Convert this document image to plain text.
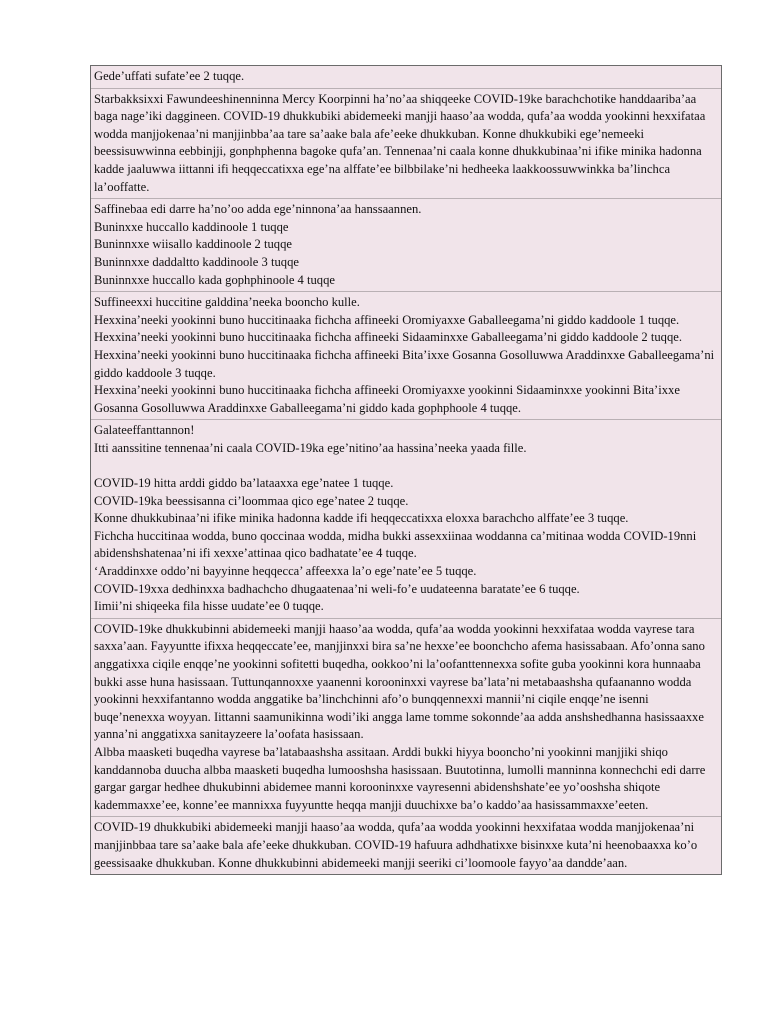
Gede’uffati sufate’ee 2 tuqqe.
Starbakksixxi Fawundeeshinenninna Mercy Koorpinni ha’no’aa shiqqeeke COVID-19ke barachchotike handdaariba’aa baga nage’iki daggineen. COVID-19 dhukkubiki abidemeeki manjji haaso’aa wodda, qufa’aa wodda yookinni hexxifataa wodda manjjokenaa’ni manjjinbba’aa tare sa’aake bala afe’eeke dhukkuban. Konne dhukkubiki ege’nemeeki beessisuwwinna eebbinjji, gonphphenna bagoke qufa’an. Tennenaa’ni caala konne dhukkubinaa’ni ifike minika hadonna kadde jaaluwwa iittanni ifi heqqeccatixxa ege’na alffate’ee bilbbilake’ni hedheeka laakkoossuwwinkka ba’linchca la’ooffatte.
Saffinebaa edi darre ha’no’oo adda ege’ninnona’aa hanssaannen.
Buninxxe huccallo kaddinoole 1 tuqqe
Buninnxxe wiisallo kaddinoole 2 tuqqe
Buninnxxe daddaltto kaddinoole 3 tuqqe
Buninnxxe huccallo kada gophphinoole 4 tuqqe
Suffineexxi huccitine galddina’neeka booncho kulle.
Hexxina’neeki yookinni buno huccitinaaka fichcha affineeki Oromiyaxxe Gaballeegama’ni giddo kaddoole 1 tuqqe.
Hexxina’neeki yookinni buno huccitinaaka fichcha affineeki Sidaaminxxe Gaballeegama’ni giddo kaddoole 2 tuqqe.
Hexxina’neeki yookinni buno huccitinaaka fichcha affineeki Bita’ixxe Gosanna Gosolluwwa Araddinxxe Gaballeegama’ni giddo kaddoole 3 tuqqe.
Hexxina’neeki yookinni buno huccitinaaka fichcha affineeki Oromiyaxxe yookinni Sidaaminxxe yookinni Bita’ixxe Gosanna Gosolluwwa Araddinxxe Gaballeegama’ni giddo kada gophphoole 4 tuqqe.
Galateeffanttannon!
Itti aanssitine tennenaa’ni caala COVID-19ka ege’nitino’aa hassina’neeka yaada fille.
COVID-19 hitta arddi giddo ba’lataaxxa ege’natee 1 tuqqe.
COVID-19ka beessisanna ci’loommaa qico ege’natee 2 tuqqe.
Konne dhukkubinaa’ni ifike minika hadonna kadde ifi heqqeccatixxa eloxxa barachcho alffate’ee 3 tuqqe.
Fichcha huccitinaa wodda, buno qoccinaa wodda, midha bukki assexxiinaa woddanna ca’mitinaa wodda COVID-19nni abidenshshatenaa’ni ifi xexxe’attinaa qico badhatate’ee 4 tuqqe.
‘Araddinxxe oddo’ni bayyinne heqqecca’ affeexxa la’o ege’nate’ee 5 tuqqe.
COVID-19xxa dedhinxxa badhachcho dhugaatenaa’ni weli-fo’e uudateenna baratate’ee 6 tuqqe.
Iimii’ni shiqeeka fila hisse uudate’ee 0 tuqqe.
COVID-19ke dhukkubinni abidemeeki manjji haaso’aa wodda, qufa’aa wodda yookinni hexxifataa wodda vayrese tara saxxa’aan. Fayyuntte ifixxa heqqeccate’ee, manjjinxxi bira sa’ne hexxe’ee boonchcho afema hasissabaan. Afo’onna sano anggatixxa ciqile enqqe’ne yookinni sofitetti buqedha, ookkoo’ni la’oofanttennexxa sofite guba yookinni kora hunnaaba bukki asse huna hasissaan. Tuttunqannoxxe yaanenni korooninxxi vayrese ba’lata’ni metabaashsha qufaananno wodda yookinni hexxifantanno wodda anggatike ba’linchchinni afo’o bunqqennexxi mannii’ni ciqile enqqe’ne isenni buqe’nenexxa woyyan. Iittanni saamunikinna wodi’iki angga lame tomme sokonnde’aa adda anshshedhanna hasissaaxxe yanna’ni anggatixxa sanitayzeere la’oofata hasissaan.
Albba maasketi buqedha vayrese ba’latabaashsha assitaan. Arddi bukki hiyya booncho’ni yookinni manjjiki shiqo kanddannoba duucha albba maasketi buqedha lumooshsha hasissaan. Buutotinna, lumolli manninna konnechchi edi darre gargar gargar hedhee dhukubinni abidemee manni korooninxxe vayresenni abidenshshate’ee yo’ooshsha shiqote kademmaxxe’ee, konne’ee mannixxa fuyyuntte heqqa manjji duuchixxe ba’o kaddo’aa hasissammaxxe’eeten.
COVID-19 dhukkubiki abidemeeki manjji haaso’aa wodda, qufa’aa wodda yookinni hexxifataa wodda manjjokenaa’ni manjjinbbaa tare sa’aake bala afe’eeke dhukkuban. COVID-19 hafuura adhdhatixxe bisinxxe kuta’ni heenobaaxxa ko’o geessisaake dhukkuban. Konne dhukkubinni abidemeeki manjji seeriki ci’loomoole fayyo’aa dandde’aan.
